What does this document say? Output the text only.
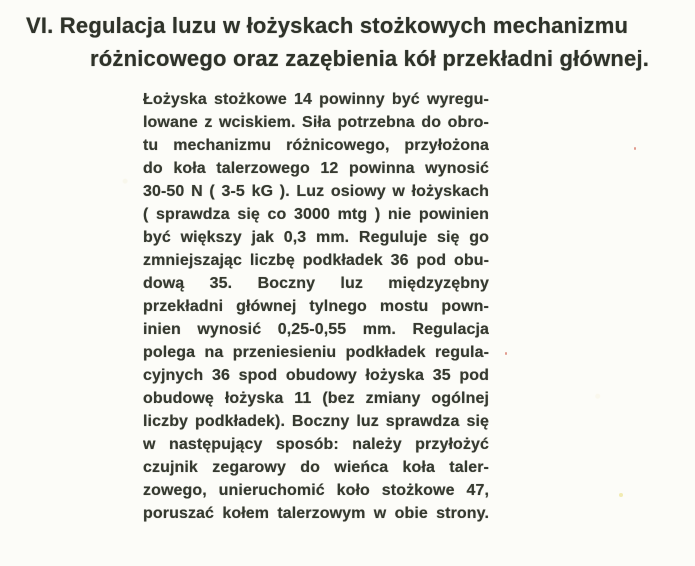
VI. Regulacja luzu w łożyskach stożkowych mechanizmu
różnicowego oraz zazębienia kół przekładni głównej.
Łożyska stożkowe 14 powinny być wyregu-
lowane z wciskiem. Siła potrzebna do obro-
tu mechanizmu różnicowego, przyłożona
do koła talerzowego 12 powinna wynosić
30-50 N ( 3-5 kG ). Luz osiowy w łożyskach
( sprawdza się co 3000 mtg ) nie powinien
być większy jak 0,3 mm. Reguluje się go
zmniejszając liczbę podkładek 36 pod obu-
dową 35. Boczny luz międzyzębny
przekładni głównej tylnego mostu pown-
inien wynosić 0,25-0,55 mm. Regulacja
polega na przeniesieniu podkładek regula-
cyjnych 36 spod obudowy łożyska 35 pod
obudowę łożyska 11 (bez zmiany ogólnej
liczby podkładek). Boczny luz sprawdza się
w następujący sposób: należy przyłożyć
czujnik zegarowy do wieńca koła taler-
zowego, unieruchomić koło stożkowe 47,
poruszać kołem talerzowym w obie strony.
